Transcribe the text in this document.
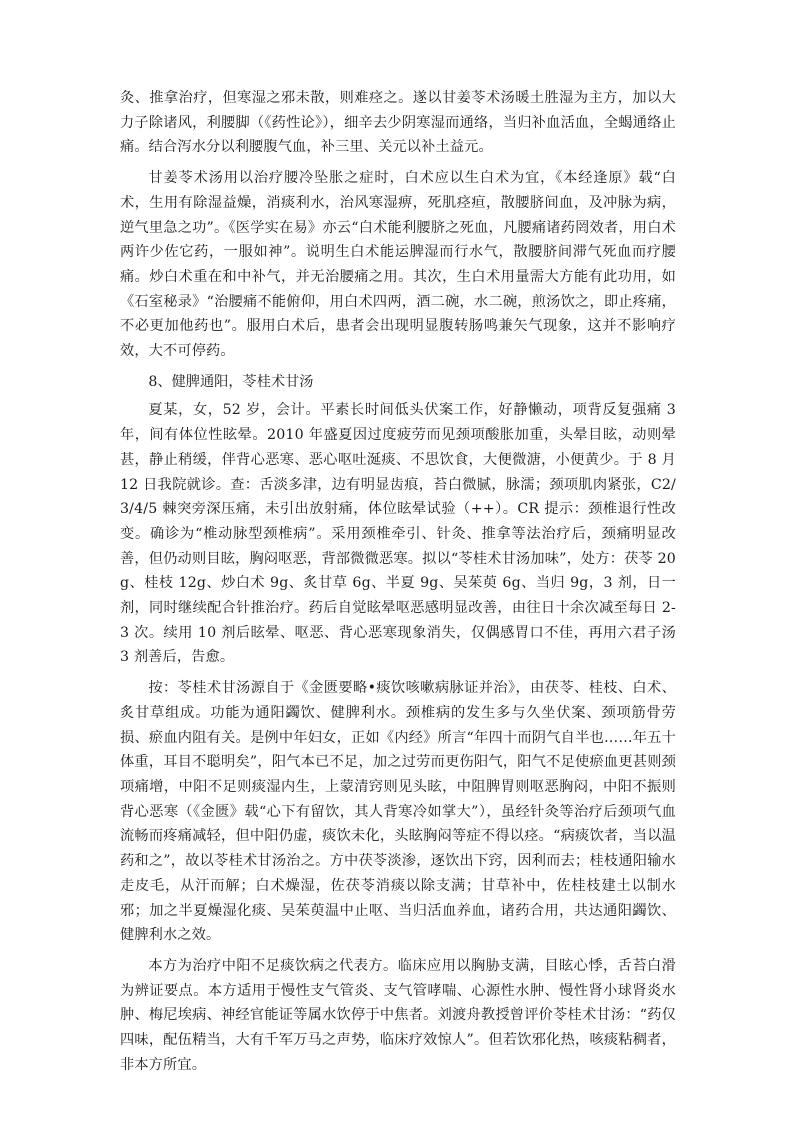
灸、推拿治疗，但寒湿之邪未散，则难痉之。遂以甘姜苓术汤暖土胜湿为主方，加以大力子除诸风，利腰脚（《药性论》），细辛去少阴寒湿而通络，当归补血活血，全蝎通络止痛。结合泻水分以利腰腹气血，补三里、关元以补土益元。

甘姜苓术汤用以治疗腰冷坠胀之症时，白术应以生白术为宜，《本经逢原》载“白术，生用有除湿益燥，消痰利水，治风寒湿痹，死肌痉疸，散腰脐间血，及冲脉为病，逆气里急之功”。《医学实在易》亦云“白术能利腰脐之死血，凡腰痛诸药罔效者，用白术两许少佐它药，一服如神”。说明生白术能运脾湿而行水气，散腰脐间滞气死血而疗腰痛。炒白术重在和中补气，并无治腰痛之用。其次，生白术用量需大方能有此功用，如《石室秘录》“治腰痛不能俯仰，用白术四两，酒二碗，水二碗，煎汤饮之，即止疼痛，不必更加他药也”。服用白术后，患者会出现明显腹转肠鸣兼矢气现象，这并不影响疗效，大不可停药。

8、健脾通阳，苓桂术甘汤

夏某，女，52 岁，会计。平素长时间低头伏案工作，好静懒动，项背反复强痛 3 年，间有体位性眩晕。2010 年盛夏因过度疲劳而见颈项酸胀加重，头晕目眩，动则晕甚，静止稍缓，伴背心恶寒、恶心呕吐涎痰、不思饮食，大便微溏，小便黄少。于 8 月 12 日我院就诊。查：舌淡多津，边有明显齿痕，苔白微腻，脉濡；颈项肌肉紧张，C2/3/4/5 棘突旁深压痛，未引出放射痛，体位眩晕试验（++）。CR 提示：颈椎退行性改变。确诊为“椎动脉型颈椎病”。采用颈椎牵引、针灸、推拿等法治疗后，颈痛明显改善，但仍动则目眩，胸闷呕恶，背部微微恶寒。拟以“苓桂术甘汤加味”，处方：茯苓 20g、桂枝 12g、炒白术 9g、炙甘草 6g、半夏 9g、吴茱萸 6g、当归 9g，3 剂，日一剂，同时继续配合针推治疗。药后自觉眩晕呕恶感明显改善，由往日十余次减至每日 2-3 次。续用 10 剂后眩晕、呕恶、背心恶寒现象消失，仅偶感胃口不佳，再用六君子汤 3 剂善后，告愈。

按：苓桂术甘汤源自于《金匮要略•痰饮咳嗽病脉证并治》，由茯苓、桂枝、白术、炙甘草组成。功能为通阳蠲饮、健脾利水。颈椎病的发生多与久坐伏案、颈项筋骨劳损、瘀血内阻有关。是例中年妇女，正如《内经》所言“年四十而阴气自半也……年五十体重，耳目不聪明矣”，阳气本已不足，加之过劳而更伤阳气，阳气不足使瘀血更甚则颈项痛增，中阳不足则痰湿内生，上蒙清窍则见头眩，中阻脾胃则呕恶胸闷，中阳不振则背心恶寒（《金匮》载“心下有留饮，其人背寒冷如掌大”），虽经针灸等治疗后颈项气血流畅而疼痛减轻，但中阳仍虚，痰饮未化，头眩胸闷等症不得以痉。“病痰饮者，当以温药和之”，故以苓桂术甘汤治之。方中茯苓淡渗，逐饮出下窍，因利而去；桂枝通阳输水走皮毛，从汗而解；白术燥湿，佐茯苓消痰以除支满；甘草补中，佐桂枝建土以制水邪；加之半夏燥湿化痰、吴茱萸温中止呕、当归活血养血，诸药合用，共达通阳蠲饮、健脾利水之效。

本方为治疗中阳不足痰饮病之代表方。临床应用以胸胁支满，目眩心悸，舌苔白滑为辨证要点。本方适用于慢性支气管炎、支气管哮喘、心源性水肿、慢性肾小球肾炎水肿、梅尼埃病、神经官能证等属水饮停于中焦者。刘渡舟教授曾评价苓桂术甘汤：“药仅四味，配伍精当，大有千军万马之声势，临床疗效惊人”。但若饮邪化热，咳痰粘稠者，非本方所宜。
